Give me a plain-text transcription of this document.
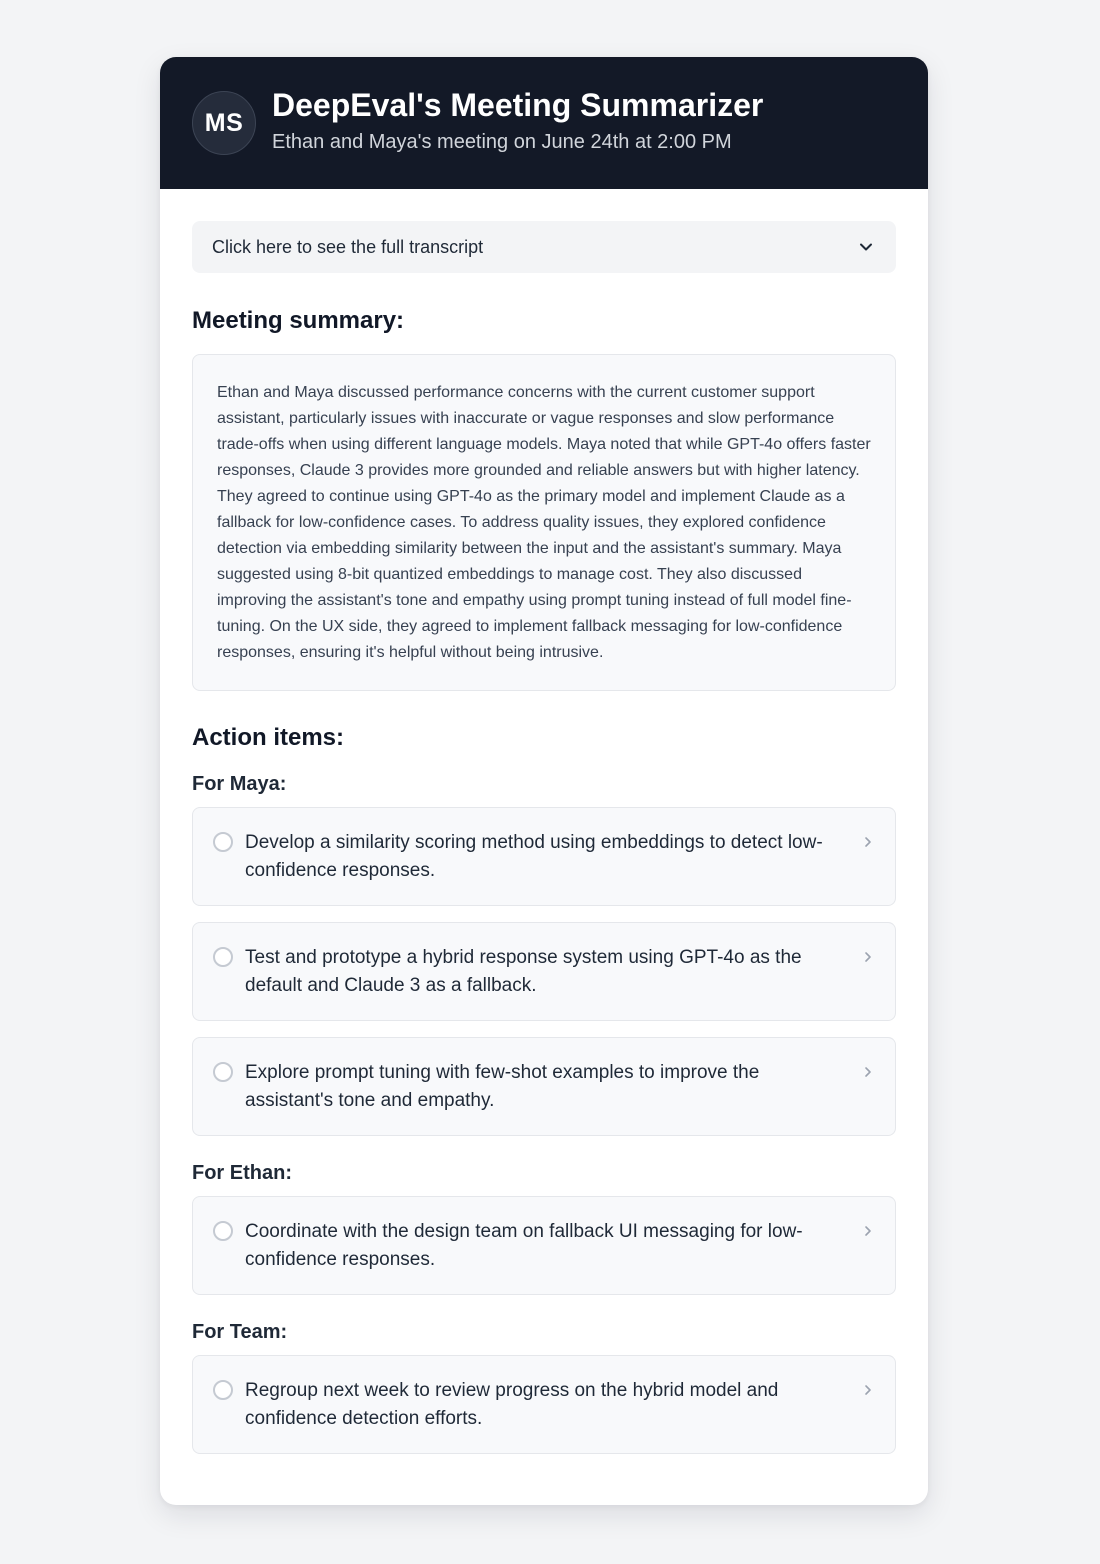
MS DeepEval's Meeting Summarizer
Ethan and Maya's meeting on June 24th at 2:00 PM
Click here to see the full transcript
Meeting summary:
Ethan and Maya discussed performance concerns with the current customer support assistant, particularly issues with inaccurate or vague responses and slow performance trade-offs when using different language models. Maya noted that while GPT-4o offers faster responses, Claude 3 provides more grounded and reliable answers but with higher latency. They agreed to continue using GPT-4o as the primary model and implement Claude as a fallback for low-confidence cases. To address quality issues, they explored confidence detection via embedding similarity between the input and the assistant's summary. Maya suggested using 8-bit quantized embeddings to manage cost. They also discussed improving the assistant's tone and empathy using prompt tuning instead of full model fine-tuning. On the UX side, they agreed to implement fallback messaging for low-confidence responses, ensuring it's helpful without being intrusive.
Action items:
For Maya:
Develop a similarity scoring method using embeddings to detect low-confidence responses.
Test and prototype a hybrid response system using GPT-4o as the default and Claude 3 as a fallback.
Explore prompt tuning with few-shot examples to improve the assistant's tone and empathy.
For Ethan:
Coordinate with the design team on fallback UI messaging for low-confidence responses.
For Team:
Regroup next week to review progress on the hybrid model and confidence detection efforts.
